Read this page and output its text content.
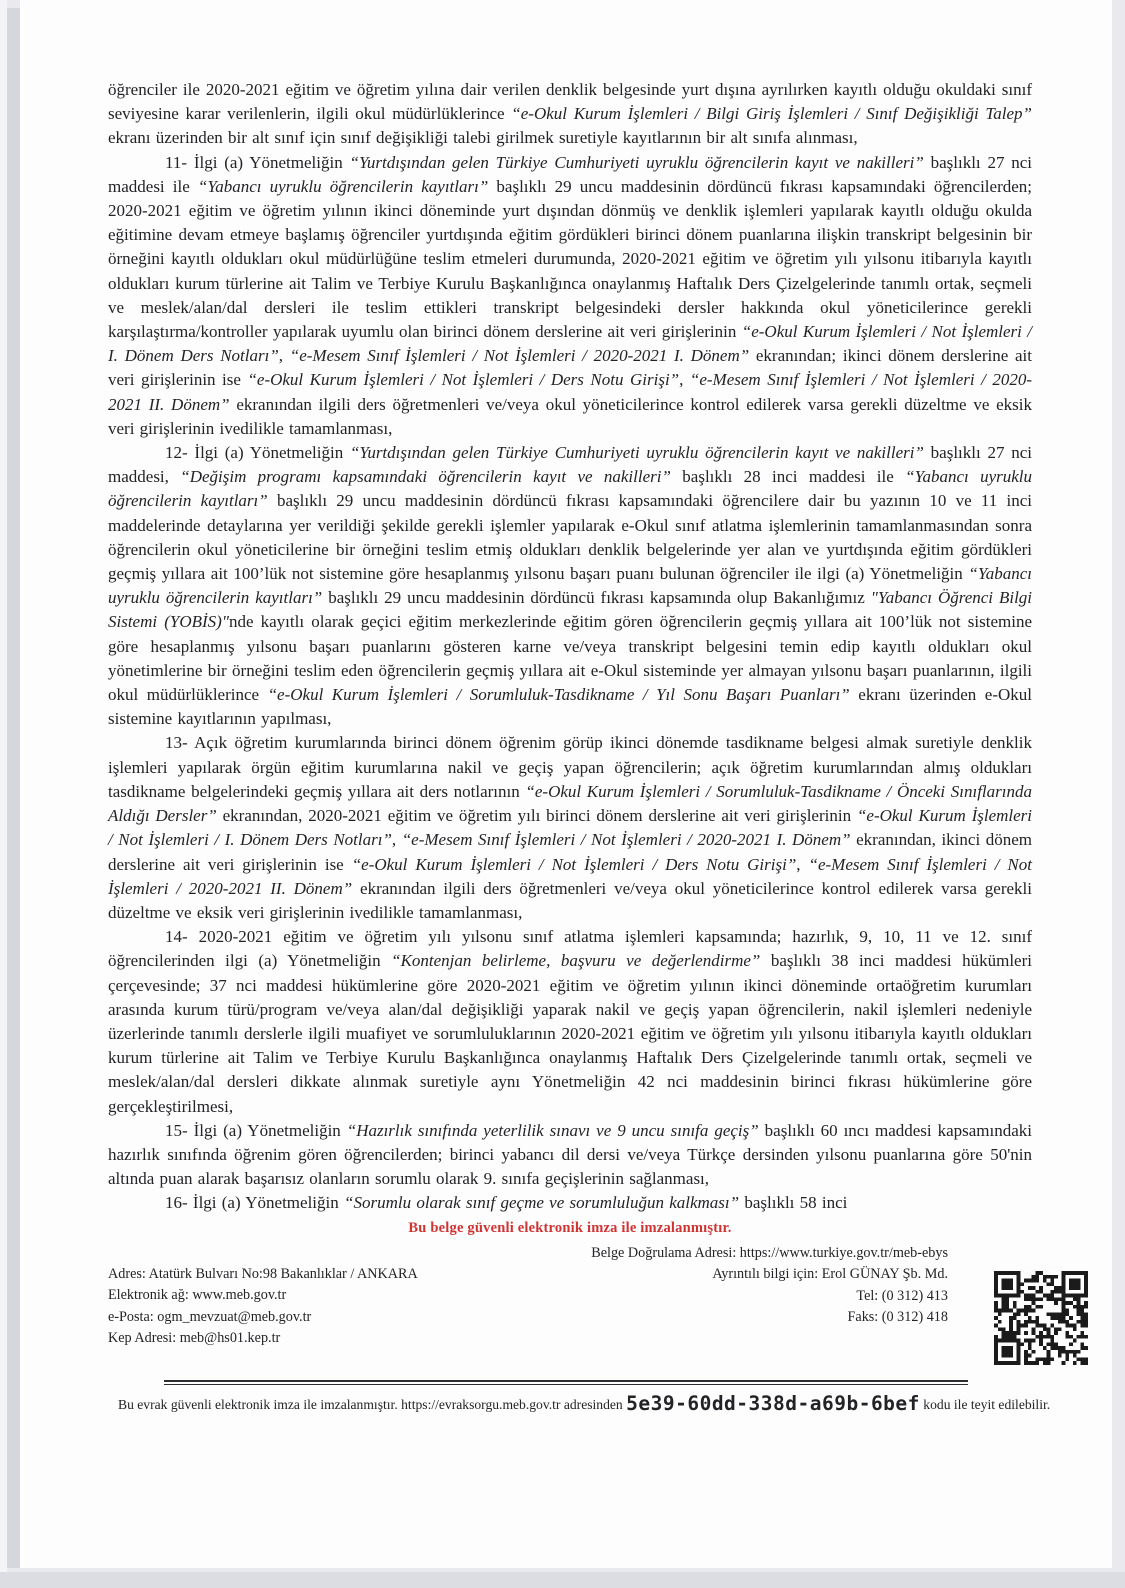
öğrenciler ile 2020-2021 eğitim ve öğretim yılına dair verilen denklik belgesinde yurt dışına ayrılırken kayıtlı olduğu okuldaki sınıf seviyesine karar verilenlerin, ilgili okul müdürlüklerince “e-Okul Kurum İşlemleri / Bilgi Giriş İşlemleri / Sınıf Değişikliği Talep” ekranı üzerinden bir alt sınıf için sınıf değişikliği talebi girilmek suretiyle kayıtlarının bir alt sınıfa alınması,

11- İlgi (a) Yönetmeliğin “Yurtdışından gelen Türkiye Cumhuriyeti uyruklu öğrencilerin kayıt ve nakilleri” başlıklı 27 nci maddesi ile “Yabancı uyruklu öğrencilerin kayıtları” başlıklı 29 uncu maddesinin dördüncü fıkrası kapsamındaki öğrencilerden; 2020-2021 eğitim ve öğretim yılının ikinci döneminde yurt dışından dönmüş ve denklik işlemleri yapılarak kayıtlı olduğu okulda eğitimine devam etmeye başlamış öğrenciler yurtdışında eğitim gördükleri birinci dönem puanlarına ilişkin transkript belgesinin bir örneğini kayıtlı oldukları okul müdürlüğüne teslim etmeleri durumunda, 2020-2021 eğitim ve öğretim yılı yılsonu itibarıyla kayıtlı oldukları kurum türlerine ait Talim ve Terbiye Kurulu Başkanlığınca onaylanmış Haftalık Ders Çizelgelerinde tanımlı ortak, seçmeli ve meslek/alan/dal dersleri ile teslim ettikleri transkript belgesindeki dersler hakkında okul yöneticilerince gerekli karşılaştırma/kontroller yapılarak uyumlu olan birinci dönem derslerine ait veri girişlerinin “e-Okul Kurum İşlemleri / Not İşlemleri / I. Dönem Ders Notları”, “e-Mesem Sınıf İşlemleri / Not İşlemleri / 2020-2021 I. Dönem” ekranından; ikinci dönem derslerine ait veri girişlerinin ise “e-Okul Kurum İşlemleri / Not İşlemleri / Ders Notu Girişi”, “e-Mesem Sınıf İşlemleri / Not İşlemleri / 2020-2021 II. Dönem” ekranından ilgili ders öğretmenleri ve/veya okul yöneticilerince kontrol edilerek varsa gerekli düzeltme ve eksik veri girişlerinin ivedilikle tamamlanması,

12- İlgi (a) Yönetmeliğin “Yurtdışından gelen Türkiye Cumhuriyeti uyruklu öğrencilerin kayıt ve nakilleri” başlıklı 27 nci maddesi, “Değişim programı kapsamındaki öğrencilerin kayıt ve nakilleri” başlıklı 28 inci maddesi ile “Yabancı uyruklu öğrencilerin kayıtları” başlıklı 29 uncu maddesinin dördüncü fıkrası kapsamındaki öğrencilere dair bu yazının 10 ve 11 inci maddelerinde detaylarına yer verildiği şekilde gerekli işlemler yapılarak e-Okul sınıf atlatma işlemlerinin tamamlanmasından sonra öğrencilerin okul yöneticilerine bir örneğini teslim etmiş oldukları denklik belgelerinde yer alan ve yurtdışında eğitim gördükleri geçmiş yıllara ait 100’lük not sistemine göre hesaplanmış yılsonu başarı puanı bulunan öğrenciler ile ilgi (a) Yönetmeliğin “Yabancı uyruklu öğrencilerin kayıtları” başlıklı 29 uncu maddesinin dördüncü fıkrası kapsamında olup Bakanlığımız "Yabancı Öğrenci Bilgi Sistemi (YOBİS)"nde kayıtlı olarak geçici eğitim merkezlerinde eğitim gören öğrencilerin geçmiş yıllara ait 100’lük not sistemine göre hesaplanmış yılsonu başarı puanlarını gösteren karne ve/veya transkript belgesini temin edip kayıtlı oldukları okul yönetimlerine bir örneğini teslim eden öğrencilerin geçmiş yıllara ait e-Okul sisteminde yer almayan yılsonu başarı puanlarının, ilgili okul müdürlüklerince “e-Okul Kurum İşlemleri / Sorumluluk-Tasdikname / Yıl Sonu Başarı Puanları” ekranı üzerinden e-Okul sistemine kayıtlarının yapılması,

13- Açık öğretim kurumlarında birinci dönem öğrenim görüp ikinci dönemde tasdikname belgesi almak suretiyle denklik işlemleri yapılarak örgün eğitim kurumlarına nakil ve geçiş yapan öğrencilerin; açık öğretim kurumlarından almış oldukları tasdikname belgelerindeki geçmiş yıllara ait ders notlarının “e-Okul Kurum İşlemleri / Sorumluluk-Tasdikname / Önceki Sınıflarında Aldığı Dersler” ekranından, 2020-2021 eğitim ve öğretim yılı birinci dönem derslerine ait veri girişlerinin “e-Okul Kurum İşlemleri / Not İşlemleri / I. Dönem Ders Notları”, “e-Mesem Sınıf İşlemleri / Not İşlemleri / 2020-2021 I. Dönem” ekranından, ikinci dönem derslerine ait veri girişlerinin ise “e-Okul Kurum İşlemleri / Not İşlemleri / Ders Notu Girişi”, “e-Mesem Sınıf İşlemleri / Not İşlemleri / 2020-2021 II. Dönem” ekranından ilgili ders öğretmenleri ve/veya okul yöneticilerince kontrol edilerek varsa gerekli düzeltme ve eksik veri girişlerinin ivedilikle tamamlanması,

14- 2020-2021 eğitim ve öğretim yılı yılsonu sınıf atlatma işlemleri kapsamında; hazırlık, 9, 10, 11 ve 12. sınıf öğrencilerinden ilgi (a) Yönetmeliğin “Kontenjan belirleme, başvuru ve değerlendirme” başlıklı 38 inci maddesi hükümleri çerçevesinde; 37 nci maddesi hükümlerine göre 2020-2021 eğitim ve öğretim yılının ikinci döneminde ortaöğretim kurumları arasında kurum türü/program ve/veya alan/dal değişikliği yaparak nakil ve geçiş yapan öğrencilerin, nakil işlemleri nedeniyle üzerlerinde tanımlı derslerle ilgili muafiyet ve sorumluluklarının 2020-2021 eğitim ve öğretim yılı yılsonu itibarıyla kayıtlı oldukları kurum türlerine ait Talim ve Terbiye Kurulu Başkanlığınca onaylanmış Haftalık Ders Çizelgelerinde tanımlı ortak, seçmeli ve meslek/alan/dal dersleri dikkate alınmak suretiyle aynı Yönetmeliğin 42 nci maddesinin birinci fıkrası hükümlerine göre gerçekleştirilmesi,

15- İlgi (a) Yönetmeliğin “Hazırlık sınıfında yeterlilik sınavı ve 9 uncu sınıfa geçiş” başlıklı 60 ıncı maddesi kapsamındaki hazırlık sınıfında öğrenim gören öğrencilerden; birinci yabancı dil dersi ve/veya Türkçe dersinden yılsonu puanlarına göre 50'nin altında puan alarak başarısız olanların sorumlu olarak 9. sınıfa geçişlerinin sağlanması,

16- İlgi (a) Yönetmeliğin “Sorumlu olarak sınıf geçme ve sorumluluğun kalkması” başlıklı 58 inci

Bu belge güvenli elektronik imza ile imzalanmıştır.
Belge Doğrulama Adresi: https://www.turkiye.gov.tr/meb-ebys
Ayrıntılı bilgi için: Erol GÜNAY Şb. Md.
Tel: (0 312) 413
Faks: (0 312) 418
Adres: Atatürk Bulvarı No:98 Bakanlıklar / ANKARA
Elektronik ağ: www.meb.gov.tr
e-Posta: ogm_mevzuat@meb.gov.tr
Kep Adresi: meb@hs01.kep.tr
Bu evrak güvenli elektronik imza ile imzalanmıştır. https://evraksorgu.meb.gov.tr adresinden 5e39-60dd-338d-a69b-6bef kodu ile teyit edilebilir.
